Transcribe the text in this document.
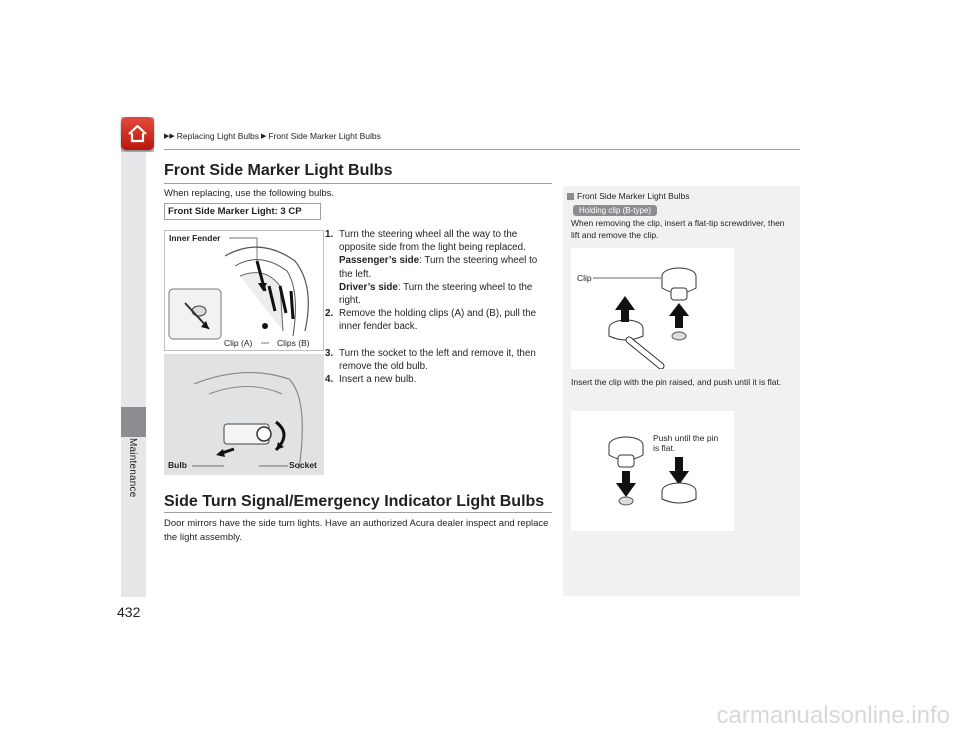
Maintenance
432
▶▶ Replacing Light Bulbs ▶ Front Side Marker Light Bulbs
Front Side Marker Light Bulbs
When replacing, use the following bulbs.
Front Side Marker Light: 3 CP
Inner Fender
Clip (A)	Clips (B)
Bulb	Socket
1. Turn the steering wheel all the way to the opposite side from the light being replaced.
Passenger’s side: Turn the steering wheel to the left.
Driver’s side: Turn the steering wheel to the right.
2. Remove the holding clips (A) and (B), pull the inner fender back.
3. Turn the socket to the left and remove it, then remove the old bulb.
4. Insert a new bulb.
Side Turn Signal/Emergency Indicator Light Bulbs
Door mirrors have the side turn lights. Have an authorized Acura dealer inspect and replace the light assembly.
Front Side Marker Light Bulbs
Holding clip (B-type)
When removing the clip, insert a flat-tip screwdriver, then lift and remove the clip.
Clip
Insert the clip with the pin raised, and push until it is flat.
Push until the pin is flat.
carmanualsonline.info
